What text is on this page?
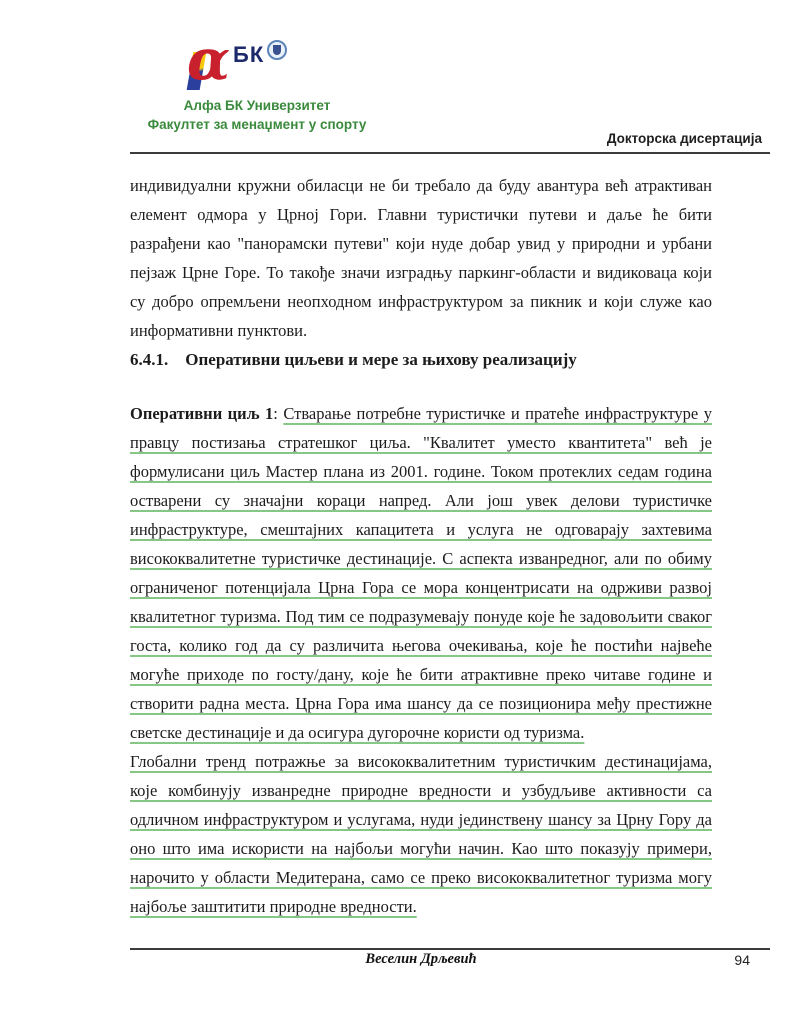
α БК
Алфа БК Универзитет
Факултет за менаџмент у спорту
Докторска дисертација

индивидуални кружни обиласци не би требало да буду авантура већ атрактиван елемент одмора у Црној Гори. Главни туристички путеви и даље ће бити разрађени као "панорамски путеви" који нуде добар увид у природни и урбани пејзаж Црне Горе. То такође значи изградњу паркинг-области и видиковаца који су добро опремљени неопходном инфраструктуром за пикник и који служе као информативни пунктови.

6.4.1. Оперативни циљеви и мере за њихову реализацију

Оперативни циљ 1: Стварање потребне туристичке и пратеће инфраструктуре у правцу постизања стратешког циља. "Квалитет уместо квантитета" већ је формулисани циљ Мастер плана из 2001. године. Током протеклих седам година остварени су значајни кораци напред. Али још увек делови туристичке инфраструктуре, смештајних капацитета и услуга не одговарају захтевима висококвалитетне туристичке дестинације. С аспекта изванредног, али по обиму ограниченог потенцијала Црна Гора се мора концентрисати на одрживи развој квалитетног туризма. Под тим се подразумевају понуде које ће задовољити сваког госта, колико год да су различита његова очекивања, које ће постићи највеће могуће приходе по госту/дану, које ће бити атрактивне преко читаве године и створити радна места. Црна Гора има шансу да се позиционира међу престижне светске дестинације и да осигура дугорочне користи од туризма.

Глобални тренд потражње за висококвалитетним туристичким дестинацијама, које комбинују изванредне природне вредности и узбудљиве активности са одличном инфраструктуром и услугама, нуди јединствену шансу за Црну Гору да оно што има искористи на најбољи могући начин. Као што показују примери, нарочито у области Медитерана, само се преко висококвалитетног туризма могу најбоље заштитити природне вредности.

Веселин Дрљевић	94
